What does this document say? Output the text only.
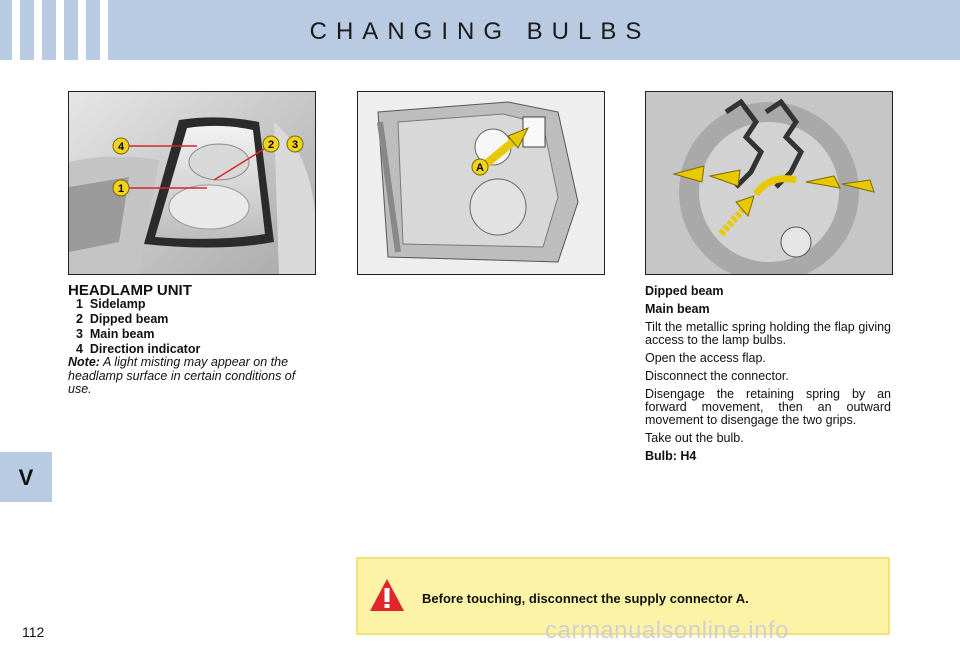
CHANGING BULBS
V
112
4	2 3
1
A
HEADLAMP UNIT
1  Sidelamp
2  Dipped beam
3  Main beam
4  Direction indicator
Note: A light misting may appear on the headlamp surface in certain conditions of use.

Dipped beam

Main beam

Tilt the metallic spring holding the flap giving access to the lamp bulbs.

Open the access flap.

Disconnect the connector.

Disengage the retaining spring by an forward movement, then an outward movement to disengage the two grips.

Take out the bulb.

Bulb: H4

Before touching, disconnect the supply connector A.
carmanualsonline.info
